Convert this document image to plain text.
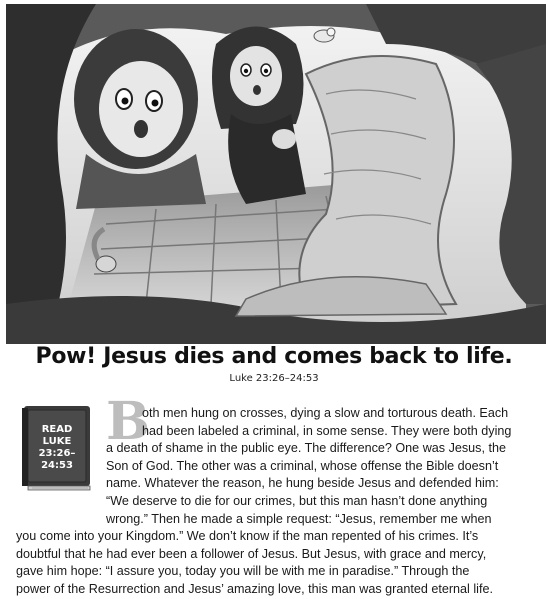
Pow! Jesus dies and comes back to life.
Luke 23:26–24:53
READ
LUKE
23:26–24:53
B
oth men hung on crosses, dying a slow and torturous death. Each
had been labeled a criminal, in some sense. They were both dying
a death of shame in the public eye. The difference? One was Jesus, the
Son of God. The other was a criminal, whose offense the Bible doesn’t
name. Whatever the reason, he hung beside Jesus and defended him:
“We deserve to die for our crimes, but this man hasn’t done anything
wrong.” Then he made a simple request: “Jesus, remember me when
you come into your Kingdom.” We don’t know if the man repented of his crimes. It’s
doubtful that he had ever been a follower of Jesus. But Jesus, with grace and mercy,
gave him hope: “I assure you, today you will be with me in paradise.” Through the
power of the Resurrection and Jesus’ amazing love, this man was granted eternal life.
